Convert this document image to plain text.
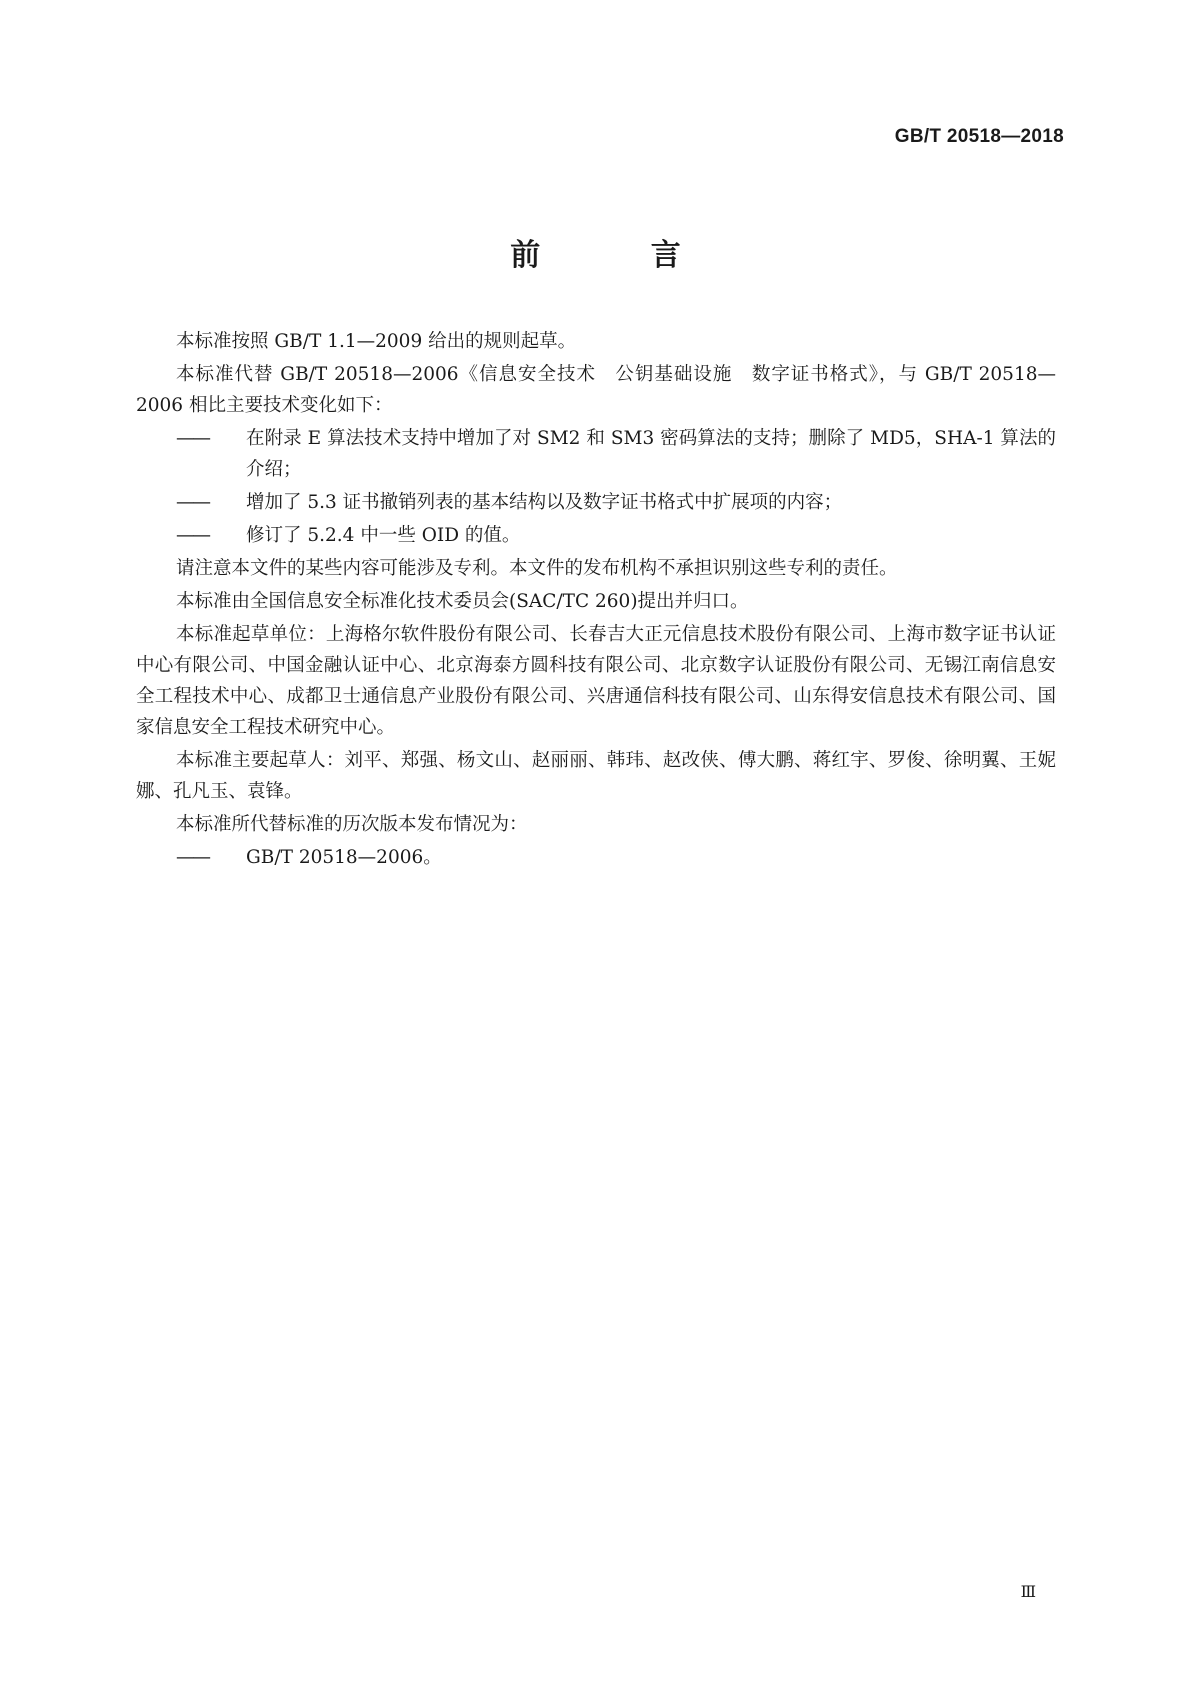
GB/T 20518—2018
前 言

本标准按照 GB/T 1.1—2009 给出的规则起草。

本标准代替 GB/T 20518—2006《信息安全技术　公钥基础设施　数字证书格式》，与 GB/T 20518—2006 相比主要技术变化如下：

—— 在附录 E 算法技术支持中增加了对 SM2 和 SM3 密码算法的支持；删除了 MD5，SHA-1 算法的介绍；

—— 增加了 5.3 证书撤销列表的基本结构以及数字证书格式中扩展项的内容；

—— 修订了 5.2.4 中一些 OID 的值。

请注意本文件的某些内容可能涉及专利。本文件的发布机构不承担识别这些专利的责任。

本标准由全国信息安全标准化技术委员会(SAC/TC 260)提出并归口。

本标准起草单位：上海格尔软件股份有限公司、长春吉大正元信息技术股份有限公司、上海市数字证书认证中心有限公司、中国金融认证中心、北京海泰方圆科技有限公司、北京数字认证股份有限公司、无锡江南信息安全工程技术中心、成都卫士通信息产业股份有限公司、兴唐通信科技有限公司、山东得安信息技术有限公司、国家信息安全工程技术研究中心。

本标准主要起草人：刘平、郑强、杨文山、赵丽丽、韩玮、赵改侠、傅大鹏、蒋红宇、罗俊、徐明翼、王妮娜、孔凡玉、袁锋。

本标准所代替标准的历次版本发布情况为：

—— GB/T 20518—2006。

Ⅲ
